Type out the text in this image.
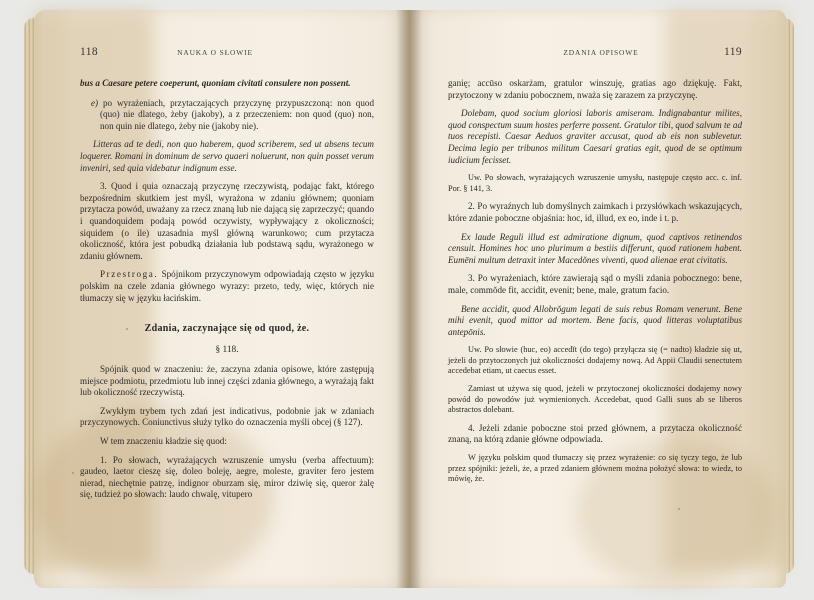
118	NAUKA O SŁOWIE

bus a Caesare petere coeperunt, quoniam civitati consulere non possent.

e) po wyrażeniach, przytaczających przyczynę przypuszczoną: non quod (quo) nie dlatego, żeby (jakoby), a z przeczeniem: non quod (quo) non, non quin nie dlatego, żeby nie (jakoby nie).

Litteras ad te dedi, non quo haberem, quod scriberem, sed ut absens tecum loquerer. Romani in dominum de servo quaeri noluerunt, non quin posset verum inveniri, sed quia videbatur indignum esse.

3. Quod i quia oznaczają przyczynę rzeczywistą, podając fakt, którego bezpośrednim skutkiem jest myśl, wyrażona w zdaniu głównem; quoniam przytacza powód, uważany za rzecz znaną lub nie dającą się zaprzeczyć; quando i quandoquidem podają powód oczywisty, wypływający z okoliczności; siquidem (o ile) uzasadnia myśl główną warunkowo; cum przytacza okoliczność, która jest pobudką działania lub podstawą sądu, wyrażonego w zdaniu głównem.

Przestroga. Spójnikom przyczynowym odpowiadają często w języku polskim na czele zdania głównego wyrazy: przeto, tedy, więc, których nie tłumaczy się w języku łacińskim.

Zdania, zaczynające się od quod, że.
§ 118.

Spójnik quod w znaczeniu: że, zaczyna zdania opisowe, które zastępują miejsce podmiotu, przedmiotu lub innej części zdania głównego, a wyrażają fakt lub okoliczność rzeczywistą.

Zwykłym trybem tych zdań jest indicativus, podobnie jak w zdaniach przyczynowych. Coniunctivus służy tylko do oznaczenia myśli obcej (§ 127).

W tem znaczeniu kładzie się quod:

1. Po słowach, wyrażających wzruszenie umysłu (verba affectuum): gaudeo, laetor cieszę się, doleo boleję, aegre, moleste, graviter fero jestem nierad, niechętnie patrzę, indignor oburzam się, miror dziwię się, queror żalę się, tudzież po słowach: laudo chwalę, vitupero

ZDANIA OPISOWE	119

ganię; accūso oskarżam, gratulor winszuję, gratias ago dziękuję. Fakt, przytoczony w zdaniu pobocznem, nważa się zarazem za przyczynę.

Dolebam, quod socium gloriosi laboris amiseram. Indignabantur milites, quod conspectum suum hostes perferre possent. Gratulor tibi, quod salvum te ad tuos recepisti. Caesar Aeduos graviter accusat, quod ab eis non sublevetur. Decima legio per tribunos militum Caesari gratias egit, quod de se optimum iudicium fecisset.

Uw. Po słowach, wyrażających wzruszenie umysłu, następuje często acc. c. inf. Por. § 141, 3.

2. Po wyraźnych lub domyślnych zaimkach i przysłówkach wskazujących, które zdanie poboczne objaśnia: hoc, id, illud, ex eo, inde i t. p.

Ex laude Reguli illud est admiratione dignum, quod captivos retinendos censuit. Homines hoc uno plurimum a bestiis differunt, quod rationem habent. Eumēni multum detraxit inter Macedŏnes viventi, quod alienae erat civitatis.

3. Po wyrażeniach, które zawierają sąd o myśli zdania pobocznego: bene, male, commŏde fit, accidit, evenit; bene, male, gratum facio.

Bene accidit, quod Allobrŏgum legati de suis rebus Romam venerunt. Bene mihi evenit, quod mittor ad mortem. Bene facis, quod litteras voluptatibus antepōnis.

Uw. Po słowie (huc, eo) accedĭt (do tego) przyłącza się (= nadto) kładzie się ut, jeżeli do przytoczonych już okoliczności dodajemy nową. Ad Appii Claudii senectutem accedebat etiam, ut caecus esset.

Zamiast ut używa się quod, jeżeli w przytoczonej okoliczności dodajemy nowy powód do powodów już wymienionych. Accedebat, quod Galli suos ab se liberos abstractos dolebant.

4. Jeżeli zdanie poboczne stoi przed głównem, a przytacza okoliczność znaną, na którą zdanie główne odpowiada.

W języku polskim quod tłumaczy się przez wyrażenie: co się tyczy tego, że lub przez spójniki: jeżeli, że, a przed zdaniem głównem można położyć słowa: to wiedz, to mówię, że.
